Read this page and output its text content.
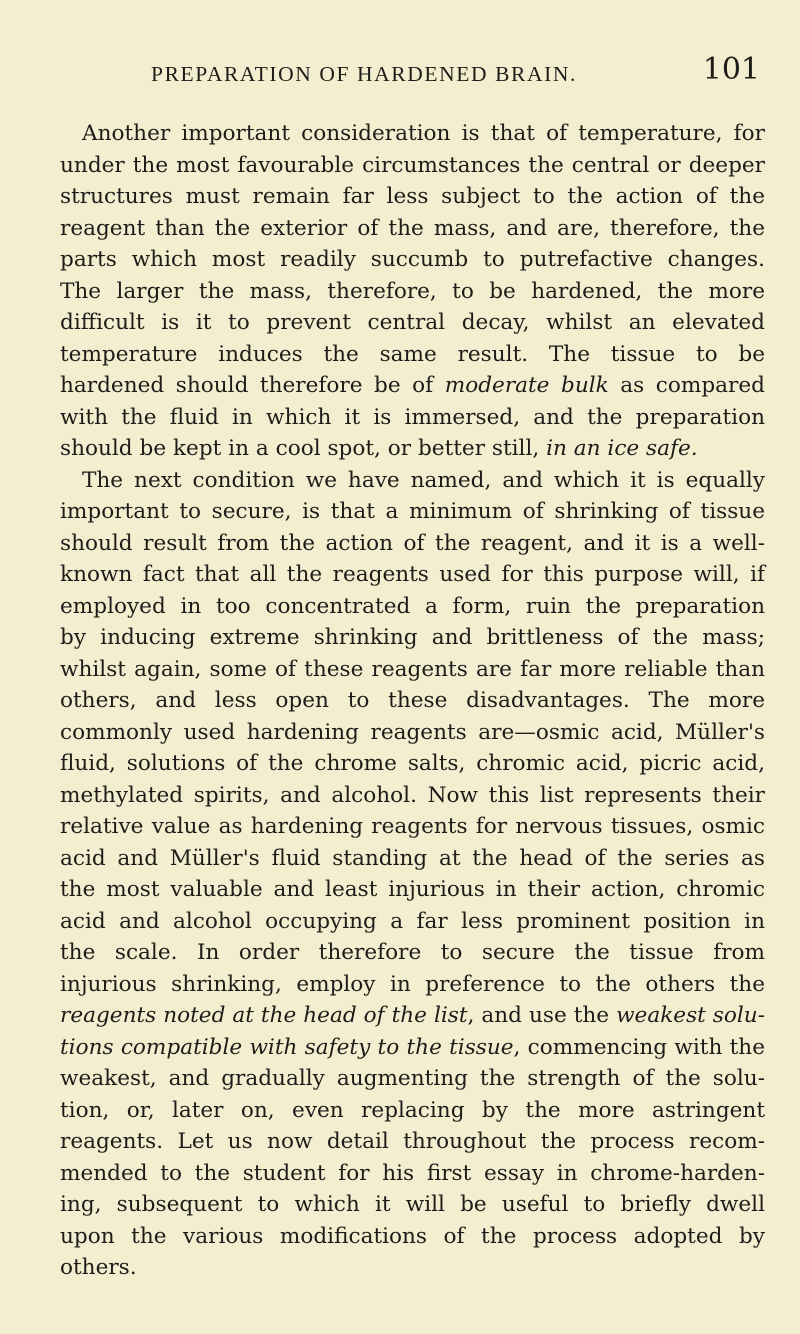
PREPARATION OF HARDENED BRAIN.	101
Another important consideration is that of temperature, for
under the most favourable circumstances the central or deeper
structures must remain far less subject to the action of the
reagent than the exterior of the mass, and are, therefore, the
parts which most readily succumb to putrefactive changes.
The larger the mass, therefore, to be hardened, the more
difficult is it to prevent central decay, whilst an elevated
temperature induces the same result. The tissue to be
hardened should therefore be of moderate bulk as compared
with the fluid in which it is immersed, and the preparation
should be kept in a cool spot, or better still, in an ice safe.
The next condition we have named, and which it is equally
important to secure, is that a minimum of shrinking of tissue
should result from the action of the reagent, and it is a well-
known fact that all the reagents used for this purpose will, if
employed in too concentrated a form, ruin the preparation
by inducing extreme shrinking and brittleness of the mass;
whilst again, some of these reagents are far more reliable than
others, and less open to these disadvantages. The more
commonly used hardening reagents are—osmic acid, Müller's
fluid, solutions of the chrome salts, chromic acid, picric acid,
methylated spirits, and alcohol. Now this list represents their
relative value as hardening reagents for nervous tissues, osmic
acid and Müller's fluid standing at the head of the series as
the most valuable and least injurious in their action, chromic
acid and alcohol occupying a far less prominent position in
the scale. In order therefore to secure the tissue from
injurious shrinking, employ in preference to the others the
reagents noted at the head of the list, and use the weakest solu-
tions compatible with safety to the tissue, commencing with the
weakest, and gradually augmenting the strength of the solu-
tion, or, later on, even replacing by the more astringent
reagents. Let us now detail throughout the process recom-
mended to the student for his first essay in chrome-harden-
ing, subsequent to which it will be useful to briefly dwell
upon the various modifications of the process adopted by
others.
